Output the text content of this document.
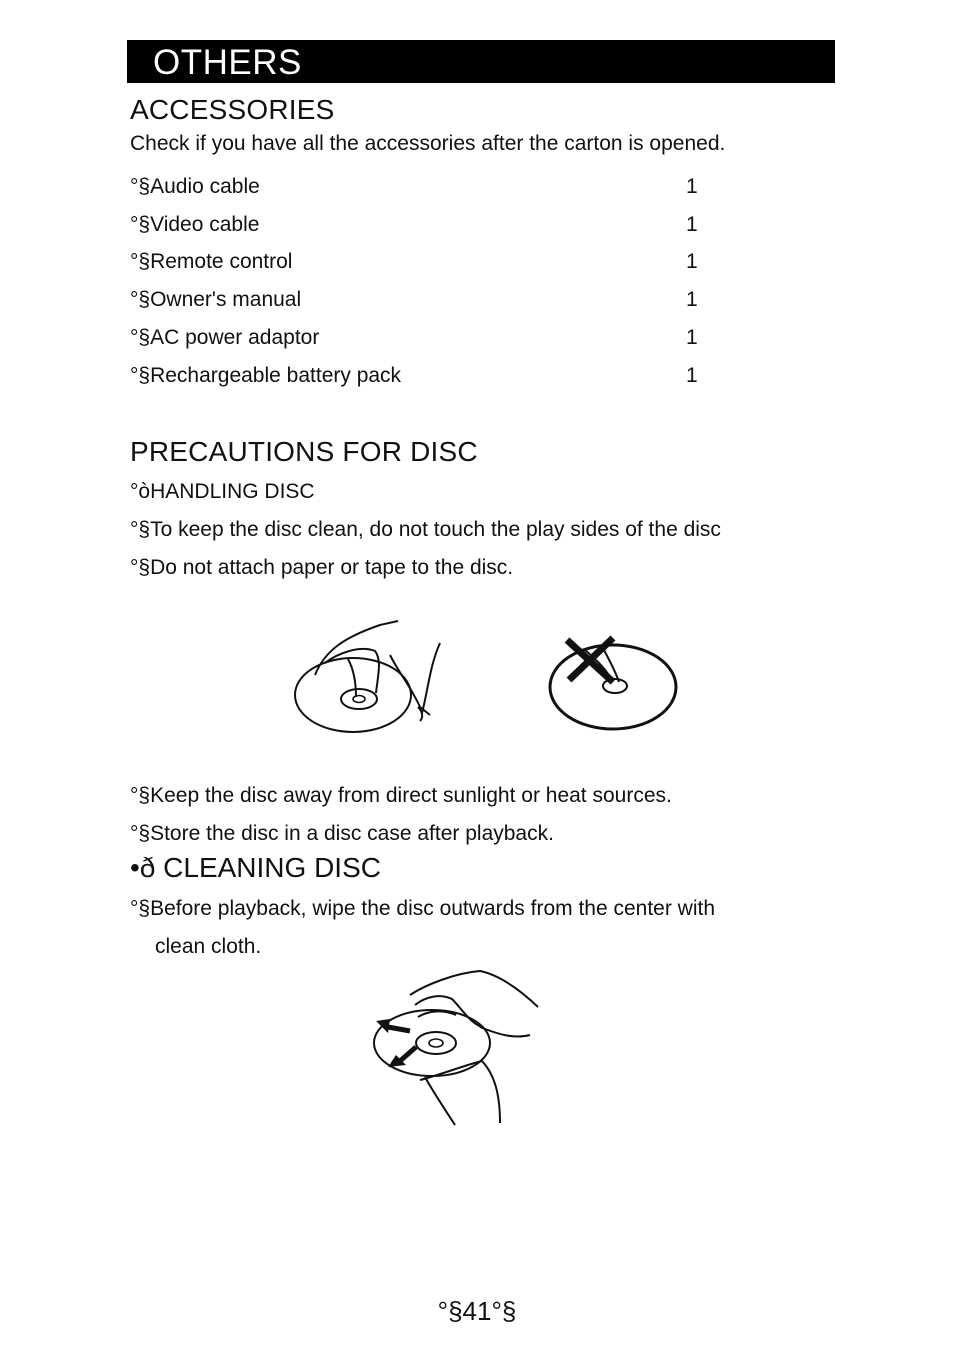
OTHERS
ACCESSORIES
Check if you have all the accessories after the carton is opened.
°§Audio cable	1
°§Video cable	1
°§Remote control	1
°§Owner's manual	1
°§AC power adaptor	1
°§Rechargeable battery pack	1
PRECAUTIONS FOR DISC
°òHANDLING DISC
°§To keep the disc clean, do not touch the play sides of the disc
°§Do not attach paper or tape to the disc.
°§Keep the disc away from direct sunlight or heat sources.
°§Store the disc in a disc case after playback.
•ð CLEANING DISC
°§Before playback, wipe the disc outwards from the center with
clean cloth.
°§41°§
